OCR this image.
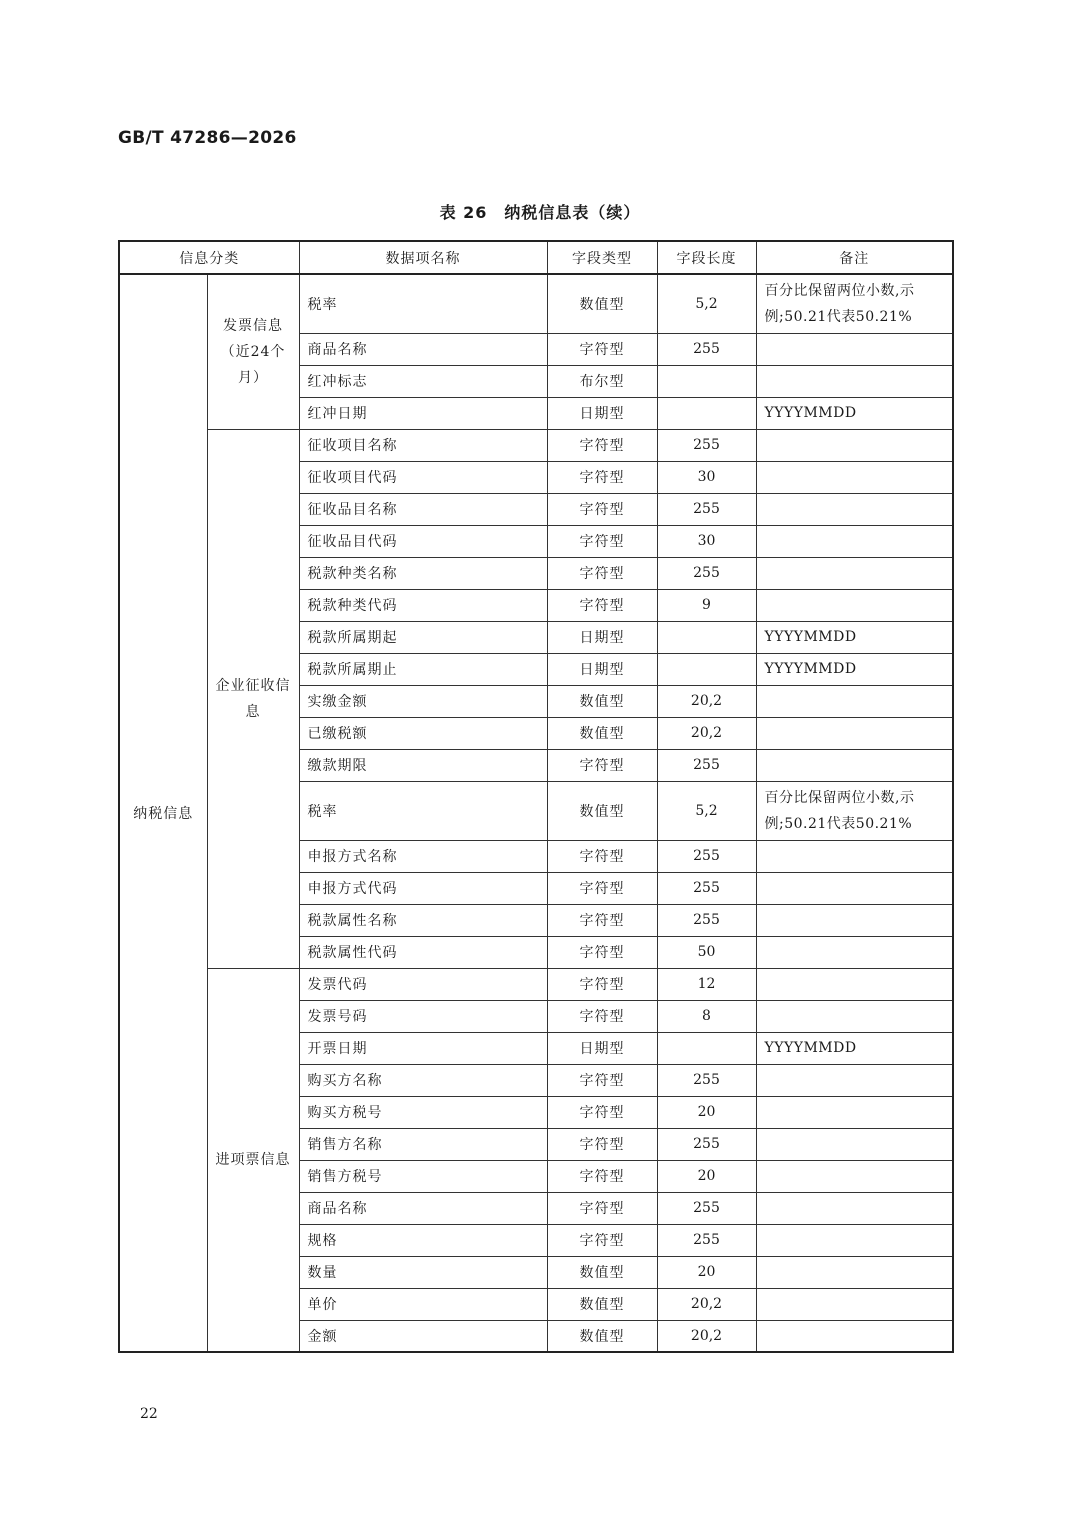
GB/T 47286—2026
表 26　纳税信息表（续）
信息分类		数据项名称	字段类型	字段长度	备注
纳税信息	发票信息（近24个月）	税率	数值型	5,2	百分比保留两位小数,示例;50.21代表50.21%
		商品名称	字符型	255	
		红冲标志	布尔型		
		红冲日期	日期型		YYYYMMDD
	企业征收信息	征收项目名称	字符型	255	
		征收项目代码	字符型	30	
		征收品目名称	字符型	255	
		征收品目代码	字符型	30	
		税款种类名称	字符型	255	
		税款种类代码	字符型	9	
		税款所属期起	日期型		YYYYMMDD
		税款所属期止	日期型		YYYYMMDD
		实缴金额	数值型	20,2	
		已缴税额	数值型	20,2	
		缴款期限	字符型	255	
		税率	数值型	5,2	百分比保留两位小数,示例;50.21代表50.21%
		申报方式名称	字符型	255	
		申报方式代码	字符型	255	
		税款属性名称	字符型	255	
		税款属性代码	字符型	50	
	进项票信息	发票代码	字符型	12	
		发票号码	字符型	8	
		开票日期	日期型		YYYYMMDD
		购买方名称	字符型	255	
		购买方税号	字符型	20	
		销售方名称	字符型	255	
		销售方税号	字符型	20	
		商品名称	字符型	255	
		规格	字符型	255	
		数量	数值型	20	
		单价	数值型	20,2	
		金额	数值型	20,2	
22
